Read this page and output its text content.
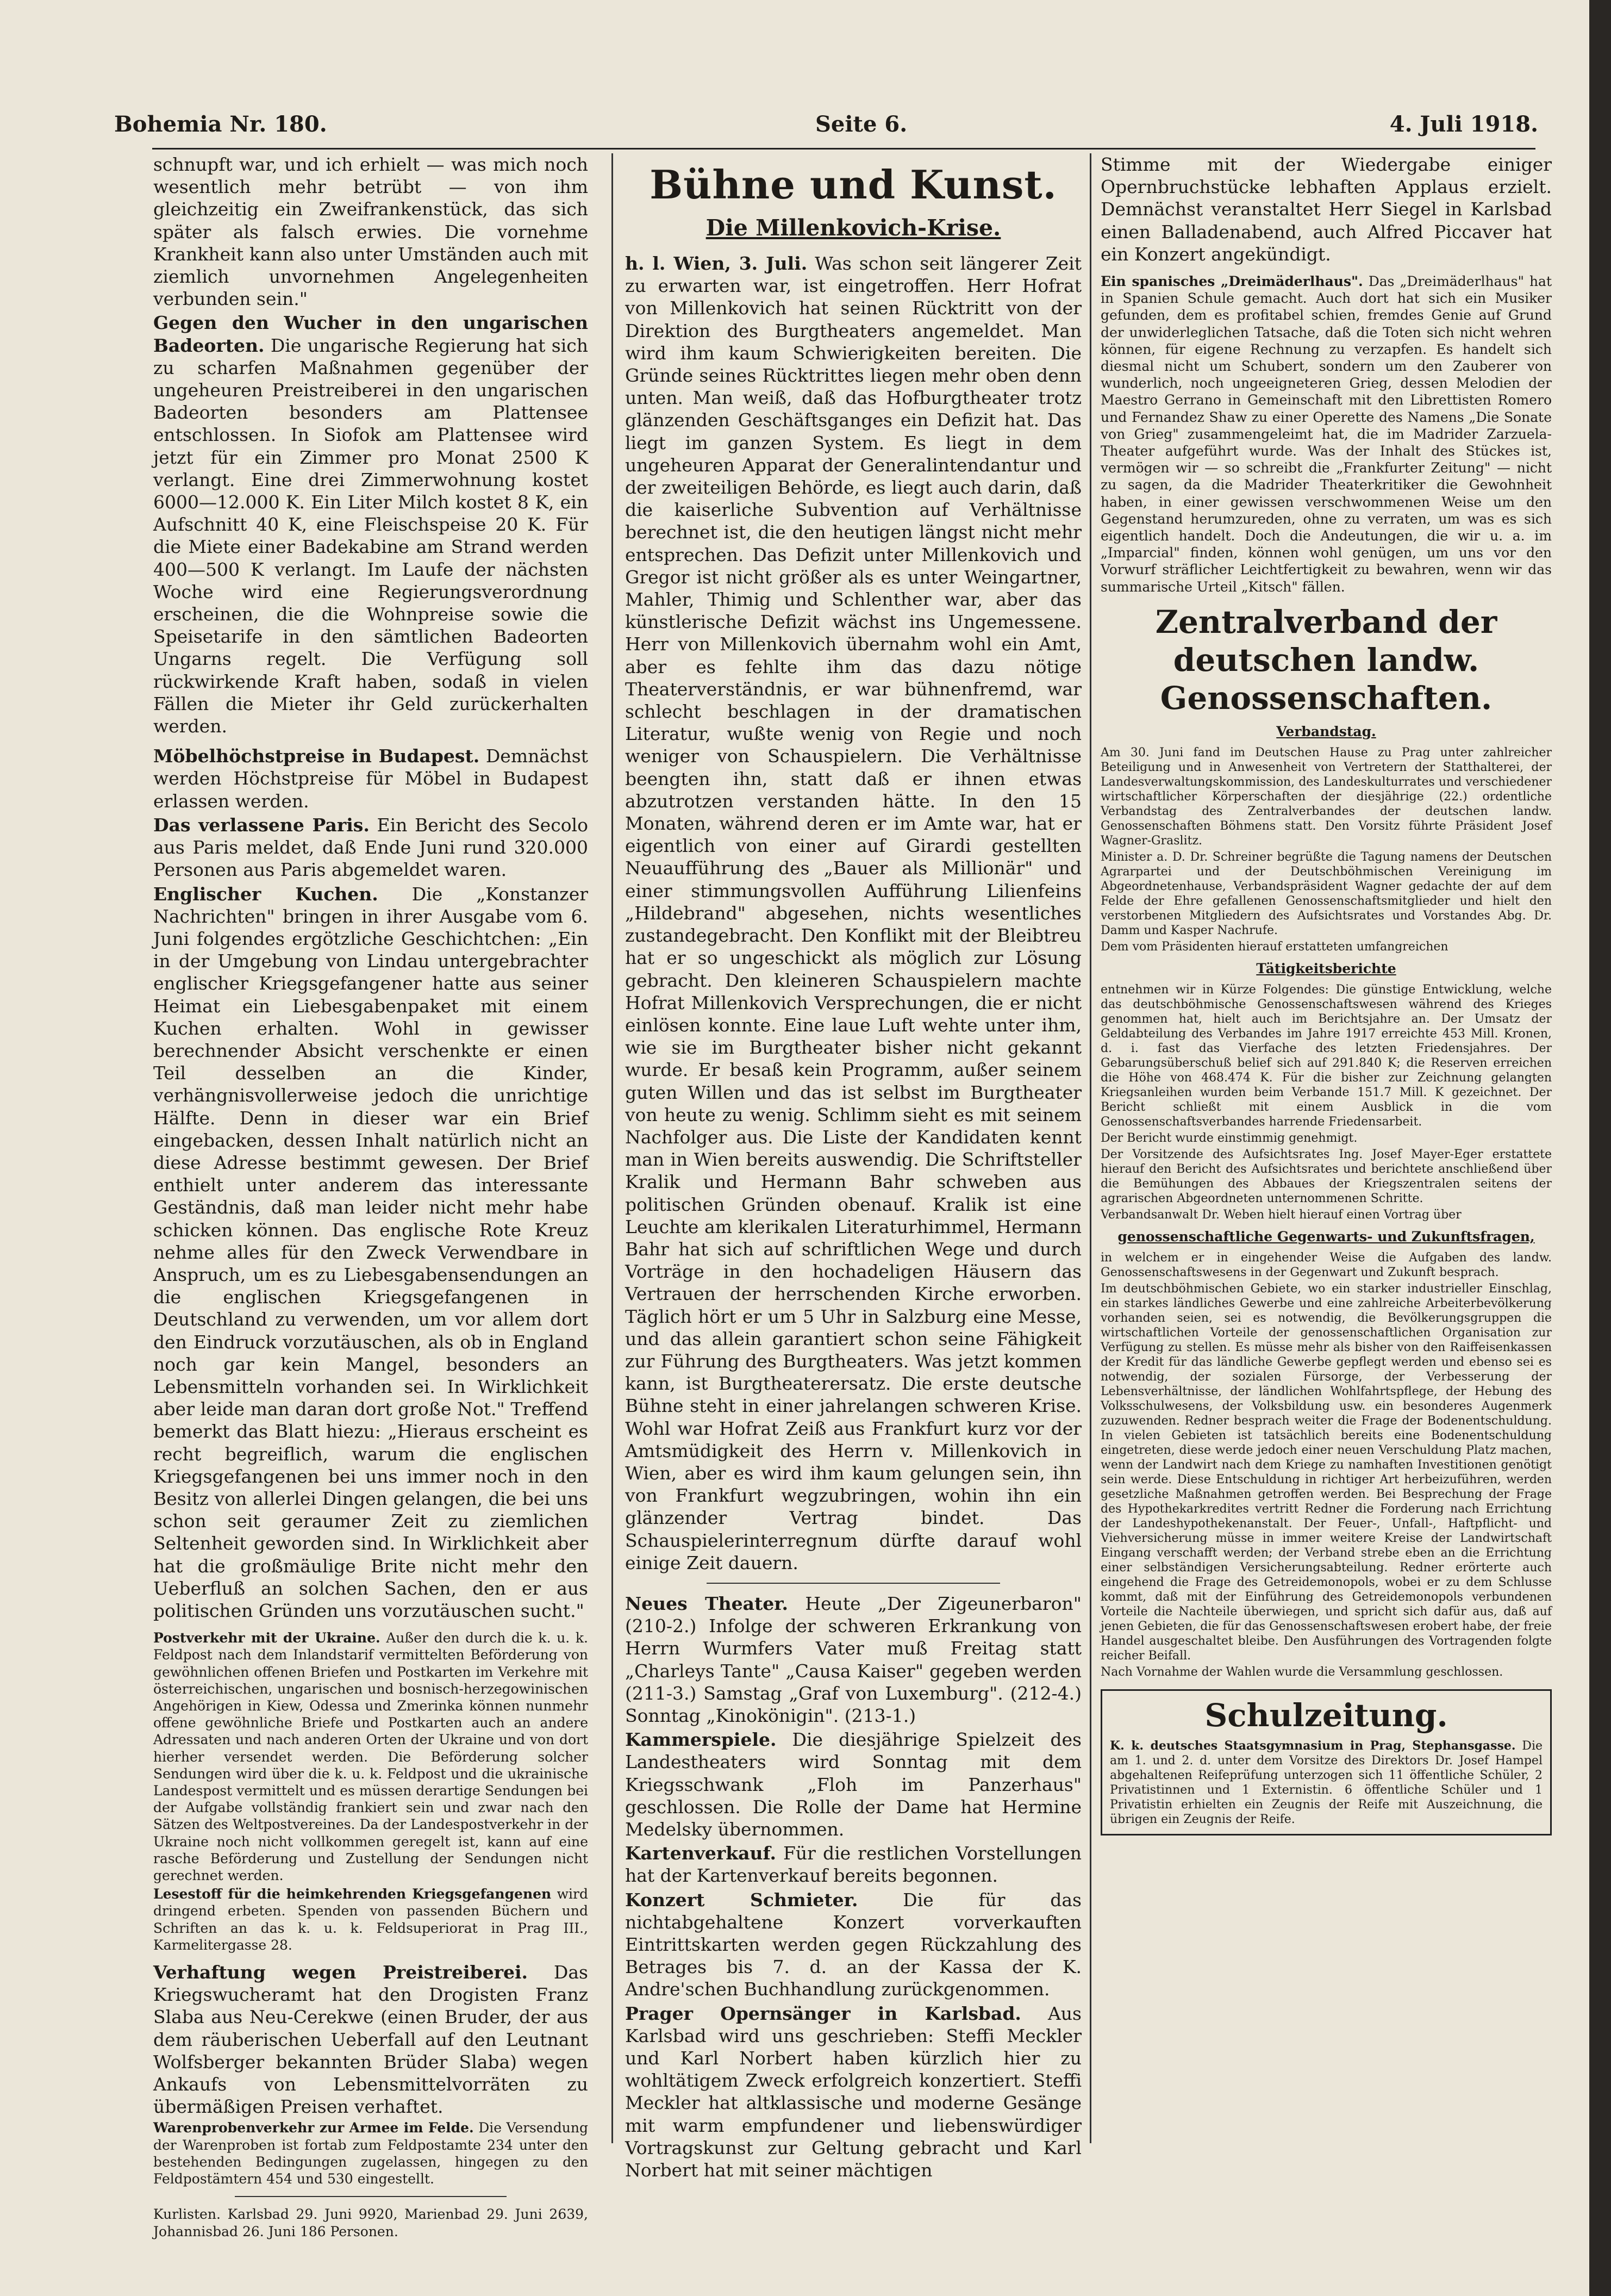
Bohemia Nr. 180.	Seite 6.	4. Juli 1918.

schnupft war, und ich erhielt — was mich noch wesentlich mehr betrübt — von ihm gleichzeitig ein Zweifrankenstück, das sich später als falsch erwies. Die vornehme Krankheit kann also unter Umständen auch mit ziemlich unvornehmen Angelegenheiten verbunden sein."

Gegen den Wucher in den ungarischen Badeorten. Die ungarische Regierung hat sich zu scharfen Maßnahmen gegenüber der ungeheuren Preistreiberei in den ungarischen Badeorten besonders am Plattensee entschlossen. In Siofok am Plattensee wird jetzt für ein Zimmer pro Monat 2500 K verlangt. Eine drei Zimmerwohnung kostet 6000—12.000 K. Ein Liter Milch kostet 8 K, ein Aufschnitt 40 K, eine Fleischspeise 20 K. Für die Miete einer Badekabine am Strand werden 400—500 K verlangt. Im Laufe der nächsten Woche wird eine Regierungsverordnung erscheinen, die die Wohnpreise sowie die Speisetarife in den sämtlichen Badeorten Ungarns regelt. Die Verfügung soll rückwirkende Kraft haben, sodaß in vielen Fällen die Mieter ihr Geld zurückerhalten werden.

Möbelhöchstpreise in Budapest. Demnächst werden Höchstpreise für Möbel in Budapest erlassen werden.

Das verlassene Paris. Ein Bericht des Secolo aus Paris meldet, daß Ende Juni rund 320.000 Personen aus Paris abgemeldet waren.

Englischer Kuchen. Die „Konstanzer Nachrichten" bringen in ihrer Ausgabe vom 6. Juni folgendes ergötzliche Geschichtchen: „Ein in der Umgebung von Lindau untergebrachter englischer Kriegsgefangener hatte aus seiner Heimat ein Liebesgabenpaket mit einem Kuchen erhalten. Wohl in gewisser berechnender Absicht verschenkte er einen Teil desselben an die Kinder, verhängnisvollerweise jedoch die unrichtige Hälfte. Denn in dieser war ein Brief eingebacken, dessen Inhalt natürlich nicht an diese Adresse bestimmt gewesen. Der Brief enthielt unter anderem das interessante Geständnis, daß man leider nicht mehr habe schicken können. Das englische Rote Kreuz nehme alles für den Zweck Verwendbare in Anspruch, um es zu Liebesgabensendungen an die englischen Kriegsgefangenen in Deutschland zu verwenden, um vor allem dort den Eindruck vorzutäuschen, als ob in England noch gar kein Mangel, besonders an Lebensmitteln vorhanden sei. In Wirklichkeit aber leide man daran dort große Not." Treffend bemerkt das Blatt hiezu: „Hieraus erscheint es recht begreiflich, warum die englischen Kriegsgefangenen bei uns immer noch in den Besitz von allerlei Dingen gelangen, die bei uns schon seit geraumer Zeit zu ziemlichen Seltenheit geworden sind. In Wirklichkeit aber hat die großmäulige Brite nicht mehr den Ueberfluß an solchen Sachen, den er aus politischen Gründen uns vorzutäuschen sucht."

Postverkehr mit der Ukraine. Außer den durch die k. u. k. Feldpost nach dem Inlandstarif vermittelten Beförderung von gewöhnlichen offenen Briefen und Postkarten im Verkehre mit österreichischen, ungarischen und bosnisch-herzegowinischen Angehörigen in Kiew, Odessa und Zmerinka können nunmehr offene gewöhnliche Briefe und Postkarten auch an andere Adressaten und nach anderen Orten der Ukraine und von dort hierher versendet werden. Die Beförderung solcher Sendungen wird über die k. u. k. Feldpost und die ukrainische Landespost vermittelt und es müssen derartige Sendungen bei der Aufgabe vollständig frankiert sein und zwar nach den Sätzen des Weltpostvereines. Da der Landespostverkehr in der Ukraine noch nicht vollkommen geregelt ist, kann auf eine rasche Beförderung und Zustellung der Sendungen nicht gerechnet werden.

Lesestoff für die heimkehrenden Kriegsgefangenen wird dringend erbeten. Spenden von passenden Büchern und Schriften an das k. u. k. Feldsuperiorat in Prag III., Karmelitergasse 28.

Verhaftung wegen Preistreiberei. Das Kriegswucheramt hat den Drogisten Franz Slaba aus Neu-Cerekwe (einen Bruder, der aus dem räuberischen Ueberfall auf den Leutnant Wolfsberger bekannten Brüder Slaba) wegen Ankaufs von Lebensmittelvorräten zu übermäßigen Preisen verhaftet.

Warenprobenverkehr zur Armee im Felde. Die Versendung der Warenproben ist fortab zum Feldpostamte 234 unter den bestehenden Bedingungen zugelassen, hingegen zu den Feldpostämtern 454 und 530 eingestellt.

Kurlisten. Karlsbad 29. Juni 9920, Marienbad 29. Juni 2639, Johannisbad 26. Juni 186 Personen.

Bühne und Kunst.
Die Millenkovich-Krise.

h. l. Wien, 3. Juli. Was schon seit längerer Zeit zu erwarten war, ist eingetroffen. Herr Hofrat von Millenkovich hat seinen Rücktritt von der Direktion des Burgtheaters angemeldet. Man wird ihm kaum Schwierigkeiten bereiten. Die Gründe seines Rücktrittes liegen mehr oben denn unten. Man weiß, daß das Hofburgtheater trotz glänzenden Geschäftsganges ein Defizit hat. Das liegt im ganzen System. Es liegt in dem ungeheuren Apparat der Generalintendantur und der zweiteiligen Behörde, es liegt auch darin, daß die kaiserliche Subvention auf Verhältnisse berechnet ist, die den heutigen längst nicht mehr entsprechen. Das Defizit unter Millenkovich und Gregor ist nicht größer als es unter Weingartner, Mahler, Thimig und Schlenther war, aber das künstlerische Defizit wächst ins Ungemessene. Herr von Millenkovich übernahm wohl ein Amt, aber es fehlte ihm das dazu nötige Theaterverständnis, er war bühnenfremd, war schlecht beschlagen in der dramatischen Literatur, wußte wenig von Regie und noch weniger von Schauspielern. Die Verhältnisse beengten ihn, statt daß er ihnen etwas abzutrotzen verstanden hätte. In den 15 Monaten, während deren er im Amte war, hat er eigentlich von einer auf Girardi gestellten Neuaufführung des „Bauer als Millionär" und einer stimmungsvollen Aufführung Lilienfeins „Hildebrand" abgesehen, nichts wesentliches zustandegebracht. Den Konflikt mit der Bleibtreu hat er so ungeschickt als möglich zur Lösung gebracht. Den kleineren Schauspielern machte Hofrat Millenkovich Versprechungen, die er nicht einlösen konnte. Eine laue Luft wehte unter ihm, wie sie im Burgtheater bisher nicht gekannt wurde. Er besaß kein Programm, außer seinem guten Willen und das ist selbst im Burgtheater von heute zu wenig. Schlimm sieht es mit seinem Nachfolger aus. Die Liste der Kandidaten kennt man in Wien bereits auswendig. Die Schriftsteller Kralik und Hermann Bahr schweben aus politischen Gründen obenauf. Kralik ist eine Leuchte am klerikalen Literaturhimmel, Hermann Bahr hat sich auf schriftlichen Wege und durch Vorträge in den hochadeligen Häusern das Vertrauen der herrschenden Kirche erworben. Täglich hört er um 5 Uhr in Salzburg eine Messe, und das allein garantiert schon seine Fähigkeit zur Führung des Burgtheaters. Was jetzt kommen kann, ist Burgtheaterersatz. Die erste deutsche Bühne steht in einer jahrelangen schweren Krise. Wohl war Hofrat Zeiß aus Frankfurt kurz vor der Amtsmüdigkeit des Herrn v. Millenkovich in Wien, aber es wird ihm kaum gelungen sein, ihn von Frankfurt wegzubringen, wohin ihn ein glänzender Vertrag bindet. Das Schauspielerinterregnum dürfte darauf wohl einige Zeit dauern.

Neues Theater. Heute „Der Zigeunerbaron" (210-2.) Infolge der schweren Erkrankung von Herrn Wurmfers Vater muß Freitag statt „Charleys Tante" „Causa Kaiser" gegeben werden (211-3.) Samstag „Graf von Luxemburg". (212-4.) Sonntag „Kinokönigin". (213-1.)

Kammerspiele. Die diesjährige Spielzeit des Landestheaters wird Sonntag mit dem Kriegsschwank „Floh im Panzerhaus" geschlossen. Die Rolle der Dame hat Hermine Medelsky übernommen.

Kartenverkauf. Für die restlichen Vorstellungen hat der Kartenverkauf bereits begonnen.

Konzert Schmieter. Die für das nichtabgehaltene Konzert vorverkauften Eintrittskarten werden gegen Rückzahlung des Betrages bis 7. d. an der Kassa der K. Andre'schen Buchhandlung zurückgenommen.

Prager Opernsänger in Karlsbad. Aus Karlsbad wird uns geschrieben: Steffi Meckler und Karl Norbert haben kürzlich hier zu wohltätigem Zweck erfolgreich konzertiert. Steffi Meckler hat altklassische und moderne Gesänge mit warm empfundener und liebenswürdiger Vortragskunst zur Geltung gebracht und Karl Norbert hat mit seiner mächtigen

Stimme mit der Wiedergabe einiger Opernbruchstücke lebhaften Applaus erzielt. Demnächst veranstaltet Herr Siegel in Karlsbad einen Balladenabend, auch Alfred Piccaver hat ein Konzert angekündigt.

Ein spanisches „Dreimäderlhaus". Das „Dreimäderlhaus" hat in Spanien Schule gemacht. Auch dort hat sich ein Musiker gefunden, dem es profitabel schien, fremdes Genie auf Grund der unwiderleglichen Tatsache, daß die Toten sich nicht wehren können, für eigene Rechnung zu verzapfen. Es handelt sich diesmal nicht um Schubert, sondern um den Zauberer von wunderlich, noch ungeeigneteren Grieg, dessen Melodien der Maestro Gerrano in Gemeinschaft mit den Librettisten Romero und Fernandez Shaw zu einer Operette des Namens „Die Sonate von Grieg" zusammengeleimt hat, die im Madrider Zarzuela-Theater aufgeführt wurde. Was der Inhalt des Stückes ist, vermögen wir — so schreibt die „Frankfurter Zeitung" — nicht zu sagen, da die Madrider Theaterkritiker die Gewohnheit haben, in einer gewissen verschwommenen Weise um den Gegenstand herumzureden, ohne zu verraten, um was es sich eigentlich handelt. Doch die Andeutungen, die wir u. a. im „Imparcial" finden, können wohl genügen, um uns vor den Vorwurf sträflicher Leichtfertigkeit zu bewahren, wenn wir das summarische Urteil „Kitsch" fällen.

Zentralverband der deutschen landw. Genossenschaften.
Verbandstag.

Am 30. Juni fand im Deutschen Hause zu Prag unter zahlreicher Beteiligung und in Anwesenheit von Vertretern der Statthalterei, der Landesverwaltungskommission, des Landeskulturrates und verschiedener wirtschaftlicher Körperschaften der diesjährige (22.) ordentliche Verbandstag des Zentralverbandes der deutschen landw. Genossenschaften Böhmens statt. Den Vorsitz führte Präsident Josef Wagner-Graslitz.

Minister a. D. Dr. Schreiner begrüßte die Tagung namens der Deutschen Agrarpartei und der Deutschböhmischen Vereinigung im Abgeordnetenhause, Verbandspräsident Wagner gedachte der auf dem Felde der Ehre gefallenen Genossenschaftsmitglieder und hielt den verstorbenen Mitgliedern des Aufsichtsrates und Vorstandes Abg. Dr. Damm und Kasper Nachrufe.

Dem vom Präsidenten hierauf erstatteten umfangreichen

Tätigkeitsberichte

entnehmen wir in Kürze Folgendes: Die günstige Entwicklung, welche das deutschböhmische Genossenschaftswesen während des Krieges genommen hat, hielt auch im Berichtsjahre an. Der Umsatz der Geldabteilung des Verbandes im Jahre 1917 erreichte 453 Mill. Kronen, d. i. fast das Vierfache des letzten Friedensjahres. Der Gebarungsüberschuß belief sich auf 291.840 K; die Reserven erreichen die Höhe von 468.474 K. Für die bisher zur Zeichnung gelangten Kriegsanleihen wurden beim Verbande 151.7 Mill. K gezeichnet. Der Bericht schließt mit einem Ausblick in die vom Genossenschaftsverbandes harrende Friedensarbeit.

Der Bericht wurde einstimmig genehmigt.

Der Vorsitzende des Aufsichtsrates Ing. Josef Mayer-Eger erstattete hierauf den Bericht des Aufsichtsrates und berichtete anschließend über die Bemühungen des Abbaues der Kriegszentralen seitens der agrarischen Abgeordneten unternommenen Schritte.

Verbandsanwalt Dr. Weben hielt hierauf einen Vortrag über

genossenschaftliche Gegenwarts- und Zukunftsfragen,

in welchem er in eingehender Weise die Aufgaben des landw. Genossenschaftswesens in der Gegenwart und Zukunft besprach.

Im deutschböhmischen Gebiete, wo ein starker industrieller Einschlag, ein starkes ländliches Gewerbe und eine zahlreiche Arbeiterbevölkerung vorhanden seien, sei es notwendig, die Bevölkerungsgruppen die wirtschaftlichen Vorteile der genossenschaftlichen Organisation zur Verfügung zu stellen. Es müsse mehr als bisher von den Raiffeisenkassen der Kredit für das ländliche Gewerbe gepflegt werden und ebenso sei es notwendig, der sozialen Fürsorge, der Verbesserung der Lebensverhältnisse, der ländlichen Wohlfahrtspflege, der Hebung des Volksschulwesens, der Volksbildung usw. ein besonderes Augenmerk zuzuwenden. Redner besprach weiter die Frage der Bodenentschuldung. In vielen Gebieten ist tatsächlich bereits eine Bodenentschuldung eingetreten, diese werde jedoch einer neuen Verschuldung Platz machen, wenn der Landwirt nach dem Kriege zu namhaften Investitionen genötigt sein werde. Diese Entschuldung in richtiger Art herbeizuführen, werden gesetzliche Maßnahmen getroffen werden. Bei Besprechung der Frage des Hypothekarkredites vertritt Redner die Forderung nach Errichtung der Landeshypothekenanstalt. Der Feuer-, Unfall-, Haftpflicht- und Viehversicherung müsse in immer weitere Kreise der Landwirtschaft Eingang verschafft werden; der Verband strebe eben an die Errichtung einer selbständigen Versicherungsabteilung. Redner erörterte auch eingehend die Frage des Getreidemonopols, wobei er zu dem Schlusse kommt, daß mit der Einführung des Getreidemonopols verbundenen Vorteile die Nachteile überwiegen, und spricht sich dafür aus, daß auf jenen Gebieten, die für das Genossenschaftswesen erobert habe, der freie Handel ausgeschaltet bleibe. Den Ausführungen des Vortragenden folgte reicher Beifall.

Nach Vornahme der Wahlen wurde die Versammlung geschlossen.

Schulzeitung.

K. k. deutsches Staatsgymnasium in Prag, Stephansgasse. Die am 1. und 2. d. unter dem Vorsitze des Direktors Dr. Josef Hampel abgehaltenen Reifeprüfung unterzogen sich 11 öffentliche Schüler, 2 Privatistinnen und 1 Externistin. 6 öffentliche Schüler und 1 Privatistin erhielten ein Zeugnis der Reife mit Auszeichnung, die übrigen ein Zeugnis der Reife.
